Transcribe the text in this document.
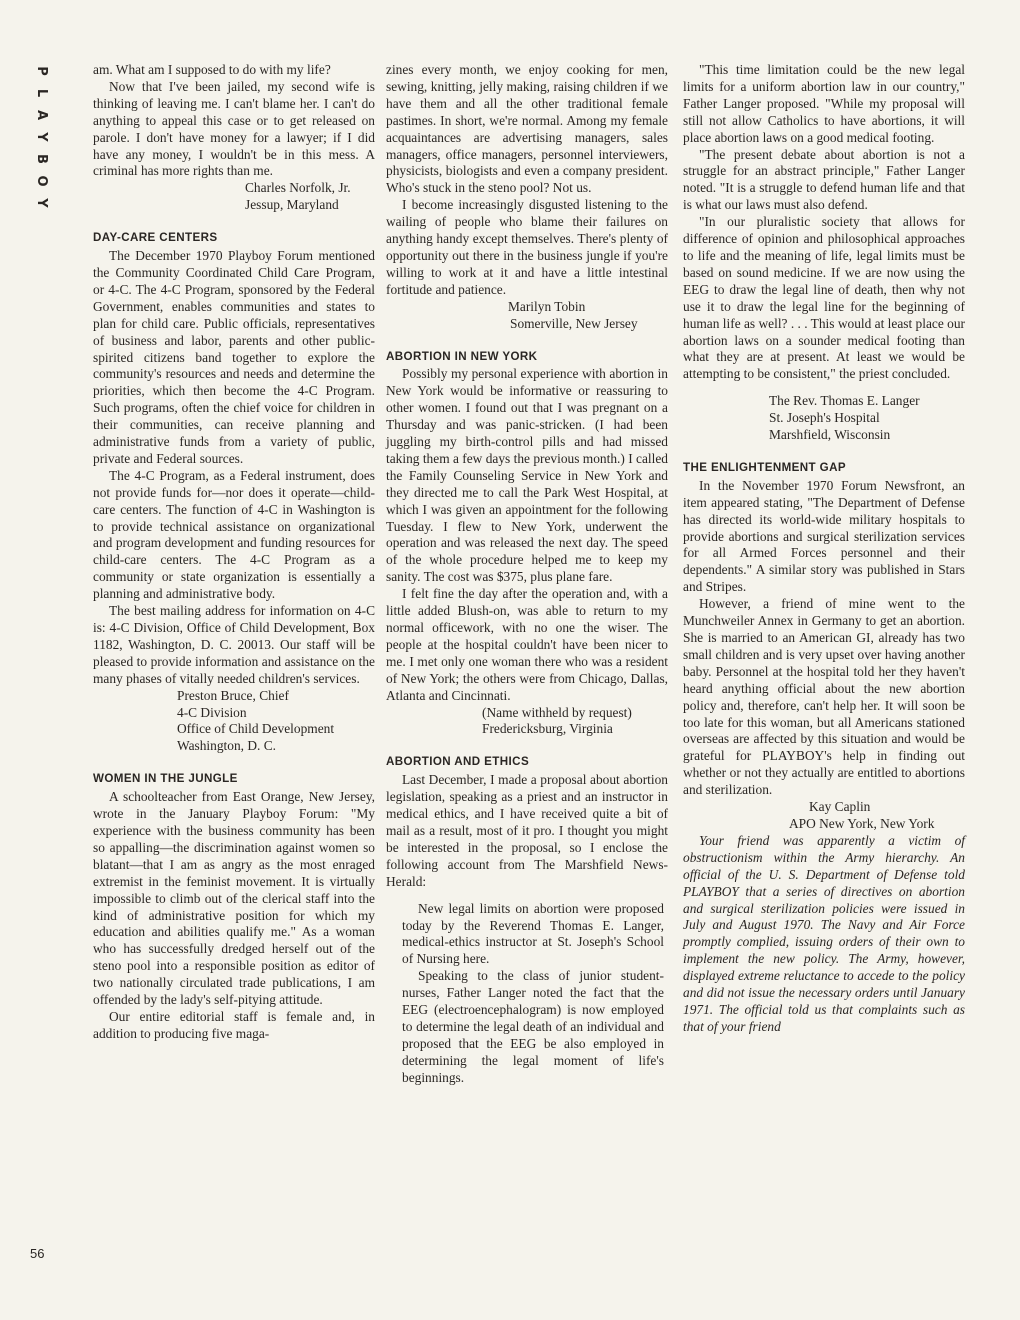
P
L
A
Y
B
O
Y
56

am. What am I supposed to do with my life?

Now that I've been jailed, my second wife is thinking of leaving me. I can't blame her. I can't do anything to appeal this case or to get released on parole. I don't have money for a lawyer; if I did have any money, I wouldn't be in this mess. A criminal has more rights than me.

Charles Norfolk, Jr.
Jessup, Maryland
DAY-CARE CENTERS

The December 1970 Playboy Forum mentioned the Community Coordinated Child Care Program, or 4-C. The 4-C Program, sponsored by the Federal Government, enables communities and states to plan for child care. Public officials, representatives of business and labor, parents and other public-spirited citizens band together to explore the community's resources and needs and determine the priorities, which then become the 4-C Program. Such programs, often the chief voice for children in their communities, can receive planning and administrative funds from a variety of public, private and Federal sources.

The 4-C Program, as a Federal instrument, does not provide funds for—nor does it operate—child-care centers. The function of 4-C in Washington is to provide technical assistance on organizational and program development and funding resources for child-care centers. The 4-C Program as a community or state organization is essentially a planning and administrative body.

The best mailing address for information on 4-C is: 4-C Division, Office of Child Development, Box 1182, Washington, D. C. 20013. Our staff will be pleased to provide information and assistance on the many phases of vitally needed children's services.

Preston Bruce, Chief
4-C Division
Office of Child Development
Washington, D. C.
WOMEN IN THE JUNGLE

A schoolteacher from East Orange, New Jersey, wrote in the January Playboy Forum: "My experience with the business community has been so appalling—the discrimination against women so blatant—that I am as angry as the most enraged extremist in the feminist movement. It is virtually impossible to climb out of the clerical staff into the kind of administrative position for which my education and abilities qualify me." As a woman who has successfully dredged herself out of the steno pool into a responsible position as editor of two nationally circulated trade publications, I am offended by the lady's self-pitying attitude.

Our entire editorial staff is female and, in addition to producing five maga-

zines every month, we enjoy cooking for men, sewing, knitting, jelly making, raising children if we have them and all the other traditional female pastimes. In short, we're normal. Among my female acquaintances are advertising managers, sales managers, office managers, personnel interviewers, physicists, biologists and even a company president. Who's stuck in the steno pool? Not us.

I become increasingly disgusted listening to the wailing of people who blame their failures on anything handy except themselves. There's plenty of opportunity out there in the business jungle if you're willing to work at it and have a little intestinal fortitude and patience.

Marilyn Tobin
Somerville, New Jersey
ABORTION IN NEW YORK

Possibly my personal experience with abortion in New York would be informative or reassuring to other women. I found out that I was pregnant on a Thursday and was panic-stricken. (I had been juggling my birth-control pills and had missed taking them a few days the previous month.) I called the Family Counseling Service in New York and they directed me to call the Park West Hospital, at which I was given an appointment for the following Tuesday. I flew to New York, underwent the operation and was released the next day. The speed of the whole procedure helped me to keep my sanity. The cost was $375, plus plane fare.

I felt fine the day after the operation and, with a little added Blush-on, was able to return to my normal officework, with no one the wiser. The people at the hospital couldn't have been nicer to me. I met only one woman there who was a resident of New York; the others were from Chicago, Dallas, Atlanta and Cincinnati.

(Name withheld by request)
Fredericksburg, Virginia
ABORTION AND ETHICS

Last December, I made a proposal about abortion legislation, speaking as a priest and an instructor in medical ethics, and I have received quite a bit of mail as a result, most of it pro. I thought you might be interested in the proposal, so I enclose the following account from The Marshfield News-Herald:

New legal limits on abortion were proposed today by the Reverend Thomas E. Langer, medical-ethics instructor at St. Joseph's School of Nursing here.

Speaking to the class of junior student-nurses, Father Langer noted the fact that the EEG (electroencephalogram) is now employed to determine the legal death of an individual and proposed that the EEG be also employed in determining the legal moment of life's beginnings.

"This time limitation could be the new legal limits for a uniform abortion law in our country," Father Langer proposed. "While my proposal will still not allow Catholics to have abortions, it will place abortion laws on a good medical footing.

"The present debate about abortion is not a struggle for an abstract principle," Father Langer noted. "It is a struggle to defend human life and that is what our laws must also defend.

"In our pluralistic society that allows for difference of opinion and philosophical approaches to life and the meaning of life, legal limits must be based on sound medicine. If we are now using the EEG to draw the legal line of death, then why not use it to draw the legal line for the beginning of human life as well? . . . This would at least place our abortion laws on a sounder medical footing than what they are at present. At least we would be attempting to be consistent," the priest concluded.

The Rev. Thomas E. Langer
St. Joseph's Hospital
Marshfield, Wisconsin
THE ENLIGHTENMENT GAP

In the November 1970 Forum Newsfront, an item appeared stating, "The Department of Defense has directed its world-wide military hospitals to provide abortions and surgical sterilization services for all Armed Forces personnel and their dependents." A similar story was published in Stars and Stripes.

However, a friend of mine went to the Munchweiler Annex in Germany to get an abortion. She is married to an American GI, already has two small children and is very upset over having another baby. Personnel at the hospital told her they haven't heard anything official about the new abortion policy and, therefore, can't help her. It will soon be too late for this woman, but all Americans stationed overseas are affected by this situation and would be grateful for PLAYBOY's help in finding out whether or not they actually are entitled to abortions and sterilization.

Kay Caplin
APO New York, New York

Your friend was apparently a victim of obstructionism within the Army hierarchy. An official of the U. S. Department of Defense told PLAYBOY that a series of directives on abortion and surgical sterilization policies were issued in July and August 1970. The Navy and Air Force promptly complied, issuing orders of their own to implement the new policy. The Army, however, displayed extreme reluctance to accede to the policy and did not issue the necessary orders until January 1971. The official told us that complaints such as that of your friend
